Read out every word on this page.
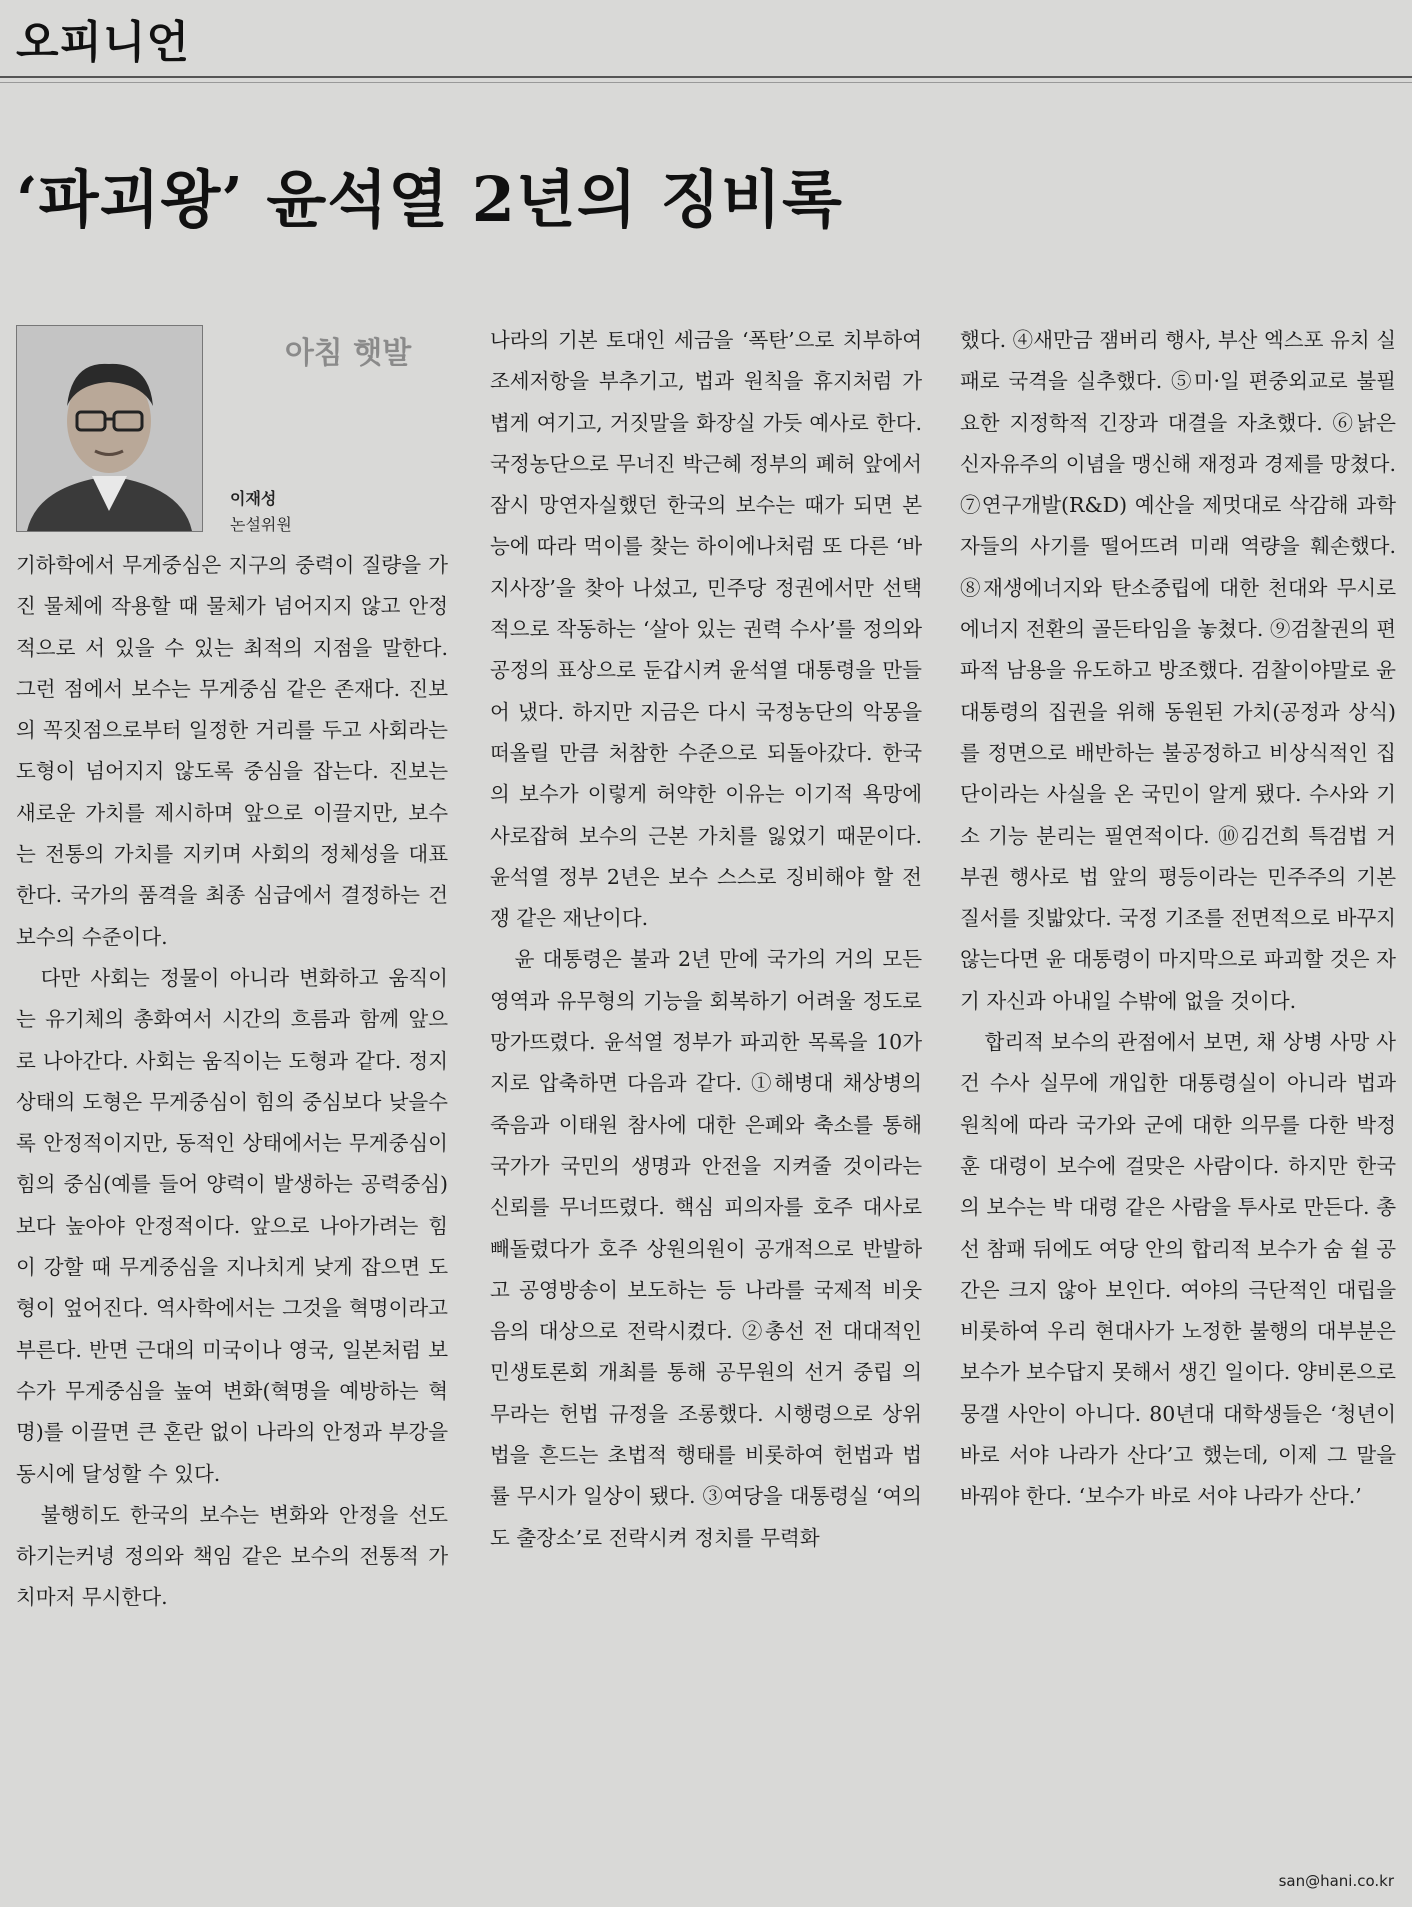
오피니언
‘파괴왕’ 윤석열 2년의 징비록
아침 햇발
이재성
논설위원

기하학에서 무게중심은 지구의 중력이 질량을 가진 물체에 작용할 때 물체가 넘어지지 않고 안정적으로 서 있을 수 있는 최적의 지점을 말한다. 그런 점에서 보수는 무게중심 같은 존재다. 진보의 꼭짓점으로부터 일정한 거리를 두고 사회라는 도형이 넘어지지 않도록 중심을 잡는다. 진보는 새로운 가치를 제시하며 앞으로 이끌지만, 보수는 전통의 가치를 지키며 사회의 정체성을 대표한다. 국가의 품격을 최종 심급에서 결정하는 건 보수의 수준이다.

다만 사회는 정물이 아니라 변화하고 움직이는 유기체의 총화여서 시간의 흐름과 함께 앞으로 나아간다. 사회는 움직이는 도형과 같다. 정지 상태의 도형은 무게중심이 힘의 중심보다 낮을수록 안정적이지만, 동적인 상태에서는 무게중심이 힘의 중심(예를 들어 양력이 발생하는 공력중심)보다 높아야 안정적이다. 앞으로 나아가려는 힘이 강할 때 무게중심을 지나치게 낮게 잡으면 도형이 엎어진다. 역사학에서는 그것을 혁명이라고 부른다. 반면 근대의 미국이나 영국, 일본처럼 보수가 무게중심을 높여 변화(혁명을 예방하는 혁명)를 이끌면 큰 혼란 없이 나라의 안정과 부강을 동시에 달성할 수 있다.

불행히도 한국의 보수는 변화와 안정을 선도하기는커녕 정의와 책임 같은 보수의 전통적 가치마저 무시한다.

나라의 기본 토대인 세금을 ‘폭탄’으로 치부하여 조세저항을 부추기고, 법과 원칙을 휴지처럼 가볍게 여기고, 거짓말을 화장실 가듯 예사로 한다. 국정농단으로 무너진 박근혜 정부의 폐허 앞에서 잠시 망연자실했던 한국의 보수는 때가 되면 본능에 따라 먹이를 찾는 하이에나처럼 또 다른 ‘바지사장’을 찾아 나섰고, 민주당 정권에서만 선택적으로 작동하는 ‘살아 있는 권력 수사’를 정의와 공정의 표상으로 둔갑시켜 윤석열 대통령을 만들어 냈다. 하지만 지금은 다시 국정농단의 악몽을 떠올릴 만큼 처참한 수준으로 되돌아갔다. 한국의 보수가 이렇게 허약한 이유는 이기적 욕망에 사로잡혀 보수의 근본 가치를 잃었기 때문이다. 윤석열 정부 2년은 보수 스스로 징비해야 할 전쟁 같은 재난이다.

윤 대통령은 불과 2년 만에 국가의 거의 모든 영역과 유무형의 기능을 회복하기 어려울 정도로 망가뜨렸다. 윤석열 정부가 파괴한 목록을 10가지로 압축하면 다음과 같다. ①해병대 채상병의 죽음과 이태원 참사에 대한 은폐와 축소를 통해 국가가 국민의 생명과 안전을 지켜줄 것이라는 신뢰를 무너뜨렸다. 핵심 피의자를 호주 대사로 빼돌렸다가 호주 상원의원이 공개적으로 반발하고 공영방송이 보도하는 등 나라를 국제적 비웃음의 대상으로 전락시켰다. ②총선 전 대대적인 민생토론회 개최를 통해 공무원의 선거 중립 의무라는 헌법 규정을 조롱했다. 시행령으로 상위법을 흔드는 초법적 행태를 비롯하여 헌법과 법률 무시가 일상이 됐다. ③여당을 대통령실 ‘여의도 출장소’로 전락시켜 정치를 무력화

했다. ④새만금 잼버리 행사, 부산 엑스포 유치 실패로 국격을 실추했다. ⑤미·일 편중외교로 불필요한 지정학적 긴장과 대결을 자초했다. ⑥낡은 신자유주의 이념을 맹신해 재정과 경제를 망쳤다. ⑦연구개발(R&D) 예산을 제멋대로 삭감해 과학자들의 사기를 떨어뜨려 미래 역량을 훼손했다. ⑧재생에너지와 탄소중립에 대한 천대와 무시로 에너지 전환의 골든타임을 놓쳤다. ⑨검찰권의 편파적 남용을 유도하고 방조했다. 검찰이야말로 윤 대통령의 집권을 위해 동원된 가치(공정과 상식)를 정면으로 배반하는 불공정하고 비상식적인 집단이라는 사실을 온 국민이 알게 됐다. 수사와 기소 기능 분리는 필연적이다. ⑩김건희 특검법 거부권 행사로 법 앞의 평등이라는 민주주의 기본 질서를 짓밟았다. 국정 기조를 전면적으로 바꾸지 않는다면 윤 대통령이 마지막으로 파괴할 것은 자기 자신과 아내일 수밖에 없을 것이다.

합리적 보수의 관점에서 보면, 채 상병 사망 사건 수사 실무에 개입한 대통령실이 아니라 법과 원칙에 따라 국가와 군에 대한 의무를 다한 박정훈 대령이 보수에 걸맞은 사람이다. 하지만 한국의 보수는 박 대령 같은 사람을 투사로 만든다. 총선 참패 뒤에도 여당 안의 합리적 보수가 숨 쉴 공간은 크지 않아 보인다. 여야의 극단적인 대립을 비롯하여 우리 현대사가 노정한 불행의 대부분은 보수가 보수답지 못해서 생긴 일이다. 양비론으로 뭉갤 사안이 아니다. 80년대 대학생들은 ‘청년이 바로 서야 나라가 산다’고 했는데, 이제 그 말을 바꿔야 한다. ‘보수가 바로 서야 나라가 산다.’

san@hani.co.kr
